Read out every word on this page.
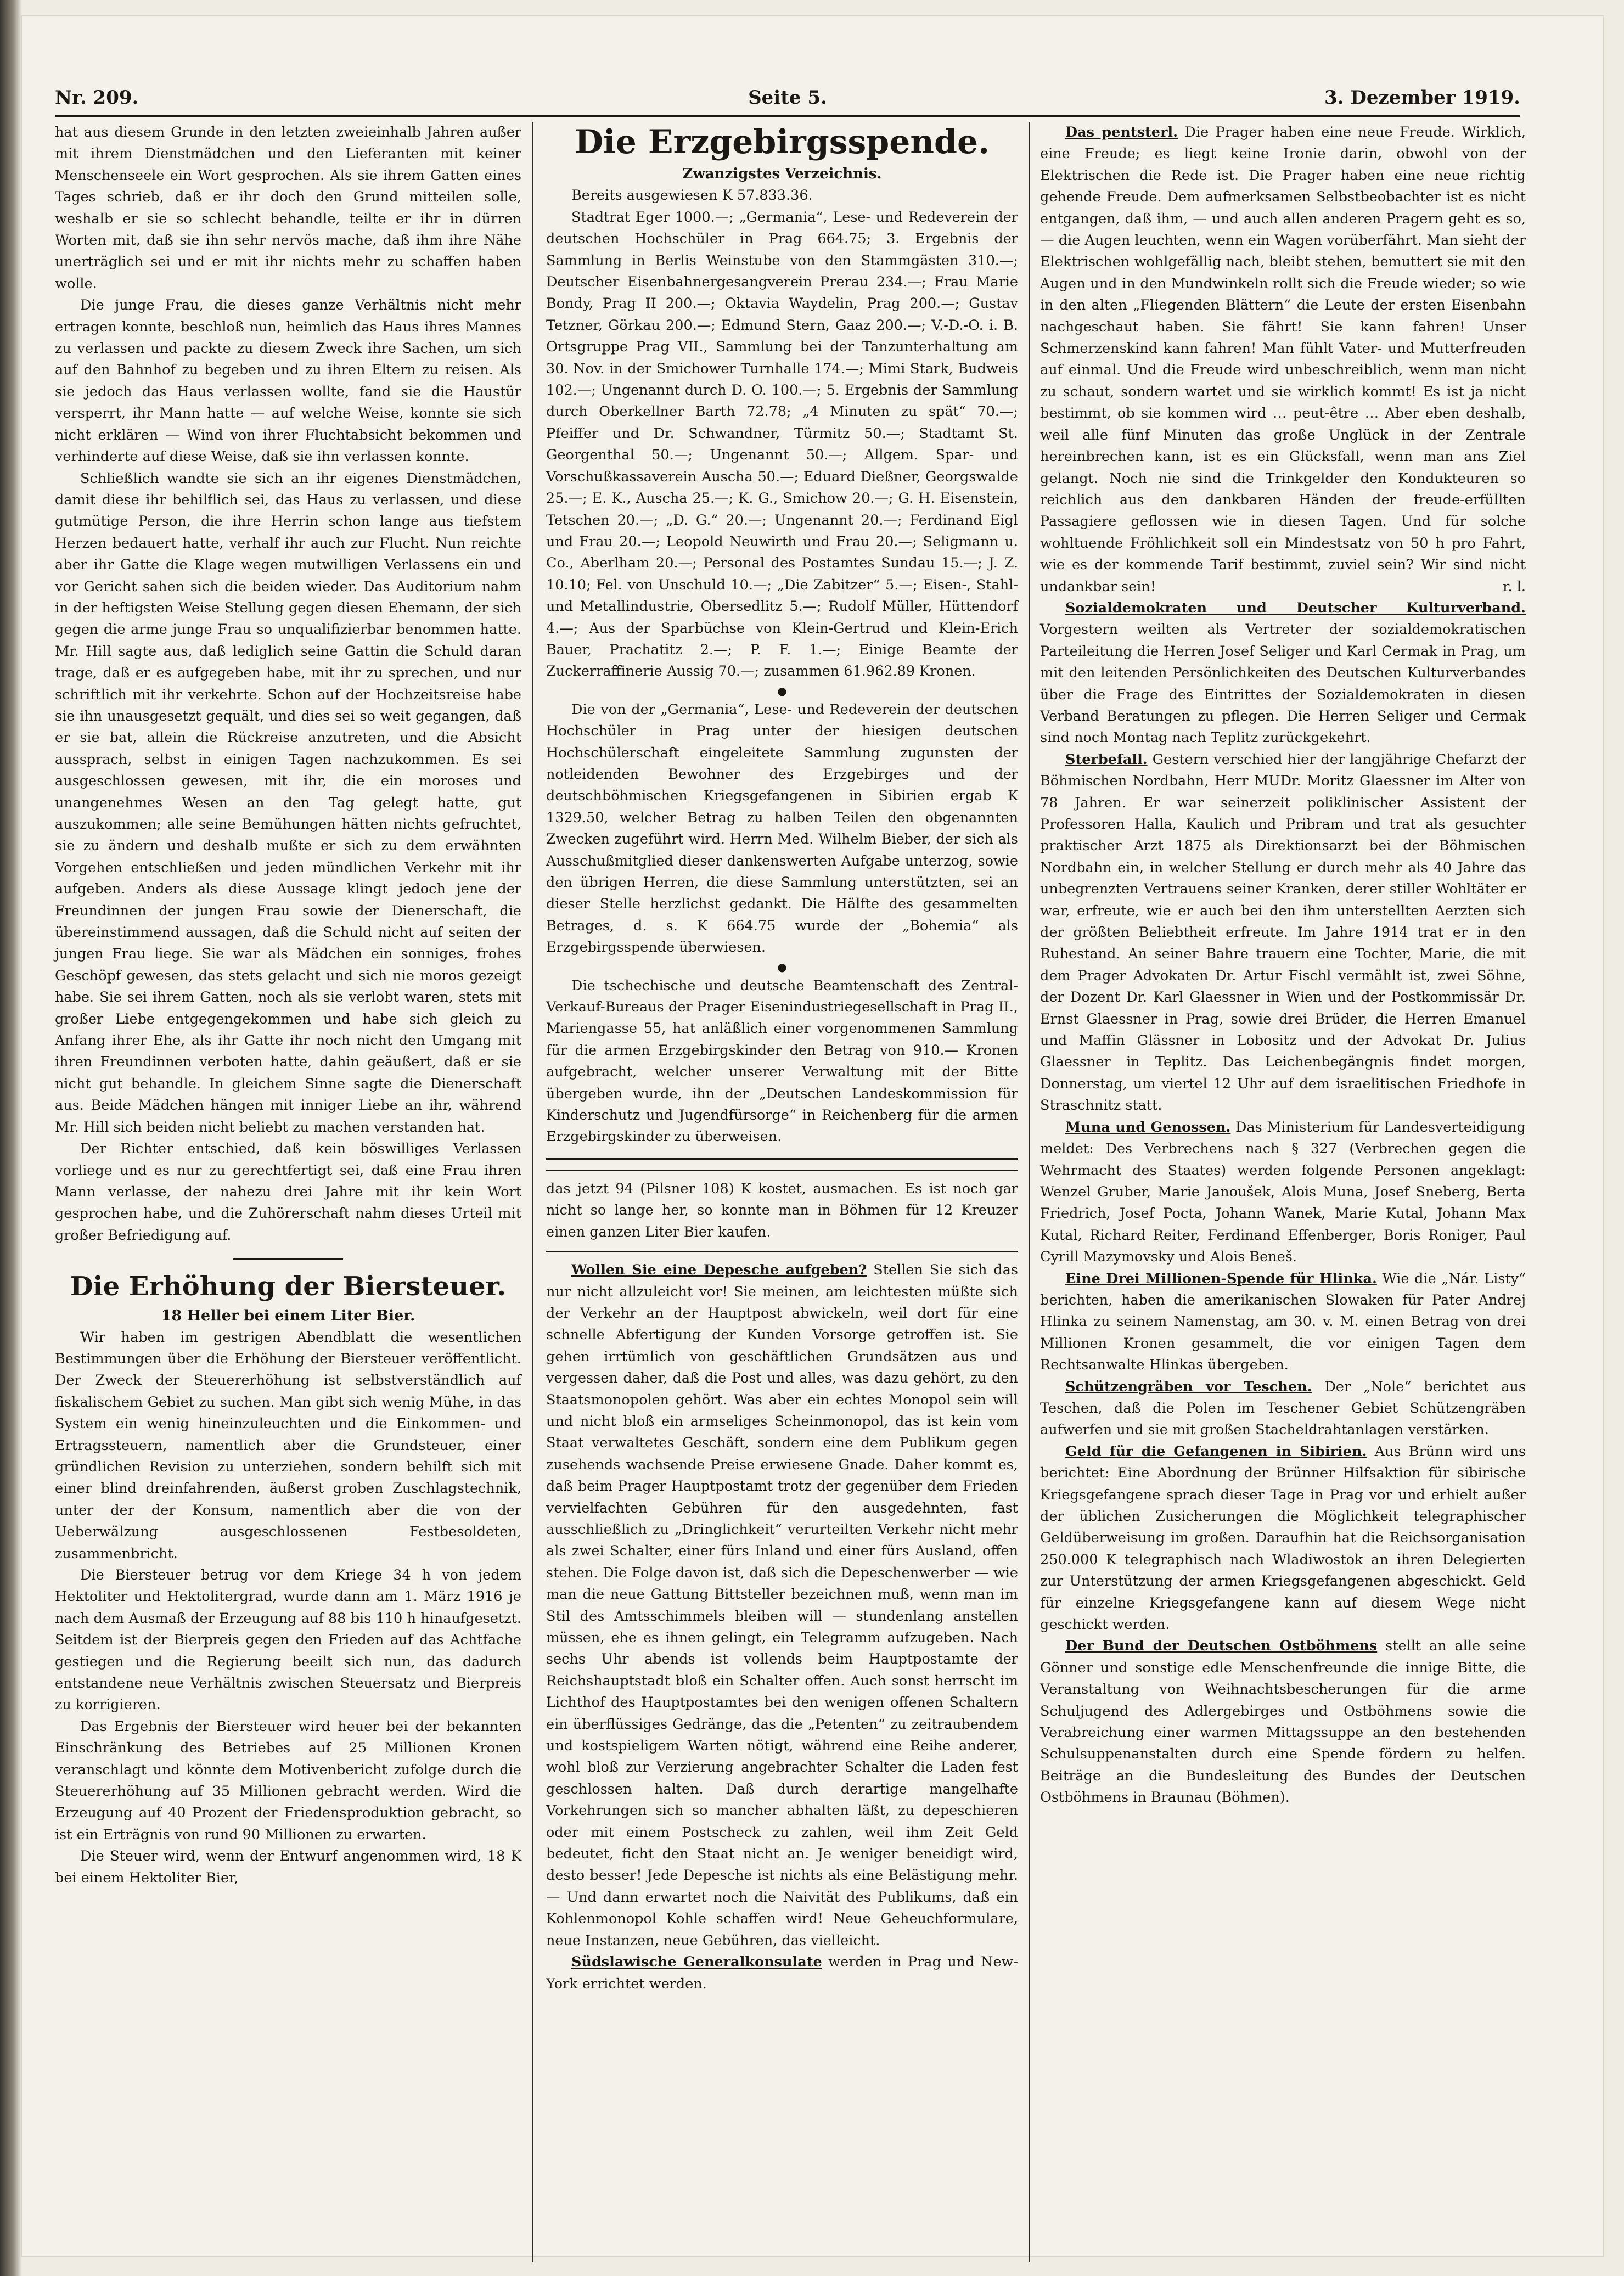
Nr. 209.	Seite 5.	3. Dezember 1919.

hat aus diesem Grunde in den letzten zweieinhalb Jahren außer mit ihrem Dienstmädchen und den Lieferanten mit keiner Menschenseele ein Wort gesprochen. Als sie ihrem Gatten eines Tages schrieb, daß er ihr doch den Grund mitteilen solle, weshalb er sie so schlecht behandle, teilte er ihr in dürren Worten mit, daß sie ihn sehr nervös mache, daß ihm ihre Nähe unerträglich sei und er mit ihr nichts mehr zu schaffen haben wolle.

Die junge Frau, die dieses ganze Verhältnis nicht mehr ertragen konnte, beschloß nun, heimlich das Haus ihres Mannes zu verlassen und packte zu diesem Zweck ihre Sachen, um sich auf den Bahnhof zu begeben und zu ihren Eltern zu reisen. Als sie jedoch das Haus verlassen wollte, fand sie die Haustür versperrt, ihr Mann hatte — auf welche Weise, konnte sie sich nicht erklären — Wind von ihrer Fluchtabsicht bekommen und verhinderte auf diese Weise, daß sie ihn verlassen konnte.

Schließlich wandte sie sich an ihr eigenes Dienstmädchen, damit diese ihr behilflich sei, das Haus zu verlassen, und diese gutmütige Person, die ihre Herrin schon lange aus tiefstem Herzen bedauert hatte, verhalf ihr auch zur Flucht. Nun reichte aber ihr Gatte die Klage wegen mutwilligen Verlassens ein und vor Gericht sahen sich die beiden wieder. Das Auditorium nahm in der heftigsten Weise Stellung gegen diesen Ehemann, der sich gegen die arme junge Frau so unqualifizierbar benommen hatte. Mr. Hill sagte aus, daß lediglich seine Gattin die Schuld daran trage, daß er es aufgegeben habe, mit ihr zu sprechen, und nur schriftlich mit ihr verkehrte. Schon auf der Hochzeitsreise habe sie ihn unausgesetzt gequält, und dies sei so weit gegangen, daß er sie bat, allein die Rückreise anzutreten, und die Absicht aussprach, selbst in einigen Tagen nachzukommen. Es sei ausgeschlossen gewesen, mit ihr, die ein moroses und unangenehmes Wesen an den Tag gelegt hatte, gut auszukommen; alle seine Bemühungen hätten nichts gefruchtet, sie zu ändern und deshalb mußte er sich zu dem erwähnten Vorgehen entschließen und jeden mündlichen Verkehr mit ihr aufgeben. Anders als diese Aussage klingt jedoch jene der Freundinnen der jungen Frau sowie der Dienerschaft, die übereinstimmend aussagen, daß die Schuld nicht auf seiten der jungen Frau liege. Sie war als Mädchen ein sonniges, frohes Geschöpf gewesen, das stets gelacht und sich nie moros gezeigt habe. Sie sei ihrem Gatten, noch als sie verlobt waren, stets mit großer Liebe entgegengekommen und habe sich gleich zu Anfang ihrer Ehe, als ihr Gatte ihr noch nicht den Umgang mit ihren Freundinnen verboten hatte, dahin geäußert, daß er sie nicht gut behandle. In gleichem Sinne sagte die Dienerschaft aus. Beide Mädchen hängen mit inniger Liebe an ihr, während Mr. Hill sich beiden nicht beliebt zu machen verstanden hat.

Der Richter entschied, daß kein böswilliges Verlassen vorliege und es nur zu gerechtfertigt sei, daß eine Frau ihren Mann verlasse, der nahezu drei Jahre mit ihr kein Wort gesprochen habe, und die Zuhörerschaft nahm dieses Urteil mit großer Befriedigung auf.

Die Erhöhung der Biersteuer.

18 Heller bei einem Liter Bier.

Wir haben im gestrigen Abendblatt die wesentlichen Bestimmungen über die Erhöhung der Biersteuer veröffentlicht. Der Zweck der Steuererhöhung ist selbstverständlich auf fiskalischem Gebiet zu suchen. Man gibt sich wenig Mühe, in das System ein wenig hineinzuleuchten und die Einkommen- und Ertragssteuern, namentlich aber die Grundsteuer, einer gründlichen Revision zu unterziehen, sondern behilft sich mit einer blind dreinfahrenden, äußerst groben Zuschlagstechnik, unter der der Konsum, namentlich aber die von der Ueberwälzung ausgeschlossenen Festbesoldeten, zusammenbricht.

Die Biersteuer betrug vor dem Kriege 34 h von jedem Hektoliter und Hektolitergrad, wurde dann am 1. März 1916 je nach dem Ausmaß der Erzeugung auf 88 bis 110 h hinaufgesetzt. Seitdem ist der Bierpreis gegen den Frieden auf das Achtfache gestiegen und die Regierung beeilt sich nun, das dadurch entstandene neue Verhältnis zwischen Steuersatz und Bierpreis zu korrigieren.

Das Ergebnis der Biersteuer wird heuer bei der bekannten Einschränkung des Betriebes auf 25 Millionen Kronen veranschlagt und könnte dem Motivenbericht zufolge durch die Steuererhöhung auf 35 Millionen gebracht werden. Wird die Erzeugung auf 40 Prozent der Friedensproduktion gebracht, so ist ein Erträgnis von rund 90 Millionen zu erwarten.

Die Steuer wird, wenn der Entwurf angenommen wird, 18 K bei einem Hektoliter Bier,

Die Erzgebirgsspende.

Zwanzigstes Verzeichnis.

Bereits ausgewiesen K 57.833.36.

Stadtrat Eger 1000.—; „Germania“, Lese- und Redeverein der deutschen Hochschüler in Prag 664.75; 3. Ergebnis der Sammlung in Berlis Weinstube von den Stammgästen 310.—; Deutscher Eisenbahnergesangverein Prerau 234.—; Frau Marie Bondy, Prag II 200.—; Oktavia Waydelin, Prag 200.—; Gustav Tetzner, Görkau 200.—; Edmund Stern, Gaaz 200.—; V.-D.-O. i. B. Ortsgruppe Prag VII., Sammlung bei der Tanzunterhaltung am 30. Nov. in der Smichower Turnhalle 174.—; Mimi Stark, Budweis 102.—; Ungenannt durch D. O. 100.—; 5. Ergebnis der Sammlung durch Oberkellner Barth 72.78; „4 Minuten zu spät“ 70.—; Pfeiffer und Dr. Schwandner, Türmitz 50.—; Stadtamt St. Georgenthal 50.—; Ungenannt 50.—; Allgem. Spar- und Vorschußkassaverein Auscha 50.—; Eduard Dießner, Georgswalde 25.—; E. K., Auscha 25.—; K. G., Smichow 20.—; G. H. Eisenstein, Tetschen 20.—; „D. G.“ 20.—; Ungenannt 20.—; Ferdinand Eigl und Frau 20.—; Leopold Neuwirth und Frau 20.—; Seligmann u. Co., Aberlham 20.—; Personal des Postamtes Sundau 15.—; J. Z. 10.10; Fel. von Unschuld 10.—; „Die Zabitzer“ 5.—; Eisen-, Stahl- und Metallindustrie, Obersedlitz 5.—; Rudolf Müller, Hüttendorf 4.—; Aus der Sparbüchse von Klein-Gertrud und Klein-Erich Bauer, Prachatitz 2.—; P. F. 1.—; Einige Beamte der Zuckerraffinerie Aussig 70.—; zusammen 61.962.89 Kronen.

●

Die von der „Germania“, Lese- und Redeverein der deutschen Hochschüler in Prag unter der hiesigen deutschen Hochschülerschaft eingeleitete Sammlung zugunsten der notleidenden Bewohner des Erzgebirges und der deutschböhmischen Kriegsgefangenen in Sibirien ergab K 1329.50, welcher Betrag zu halben Teilen den obgenannten Zwecken zugeführt wird. Herrn Med. Wilhelm Bieber, der sich als Ausschußmitglied dieser dankenswerten Aufgabe unterzog, sowie den übrigen Herren, die diese Sammlung unterstützten, sei an dieser Stelle herzlichst gedankt. Die Hälfte des gesammelten Betrages, d. s. K 664.75 wurde der „Bohemia“ als Erzgebirgsspende überwiesen.

●

Die tschechische und deutsche Beamtenschaft des Zentral-Verkauf-Bureaus der Prager Eisenindustriegesellschaft in Prag II., Mariengasse 55, hat anläßlich einer vorgenommenen Sammlung für die armen Erzgebirgskinder den Betrag von 910.— Kronen aufgebracht, welcher unserer Verwaltung mit der Bitte übergeben wurde, ihn der „Deutschen Landeskommission für Kinderschutz und Jugendfürsorge“ in Reichenberg für die armen Erzgebirgskinder zu überweisen.

das jetzt 94 (Pilsner 108) K kostet, ausmachen. Es ist noch gar nicht so lange her, so konnte man in Böhmen für 12 Kreuzer einen ganzen Liter Bier kaufen.

Wollen Sie eine Depesche aufgeben? Stellen Sie sich das nur nicht allzuleicht vor! Sie meinen, am leichtesten müßte sich der Verkehr an der Hauptpost abwickeln, weil dort für eine schnelle Abfertigung der Kunden Vorsorge getroffen ist. Sie gehen irrtümlich von geschäftlichen Grundsätzen aus und vergessen daher, daß die Post und alles, was dazu gehört, zu den Staatsmonopolen gehört. Was aber ein echtes Monopol sein will und nicht bloß ein armseliges Scheinmonopol, das ist kein vom Staat verwaltetes Geschäft, sondern eine dem Publikum gegen zusehends wachsende Preise erwiesene Gnade. Daher kommt es, daß beim Prager Hauptpostamt trotz der gegenüber dem Frieden vervielfachten Gebühren für den ausgedehnten, fast ausschließlich zu „Dringlichkeit“ verurteilten Verkehr nicht mehr als zwei Schalter, einer fürs Inland und einer fürs Ausland, offen stehen. Die Folge davon ist, daß sich die Depeschenwerber — wie man die neue Gattung Bittsteller bezeichnen muß, wenn man im Stil des Amtsschimmels bleiben will — stundenlang anstellen müssen, ehe es ihnen gelingt, ein Telegramm aufzugeben. Nach sechs Uhr abends ist vollends beim Hauptpostamte der Reichshauptstadt bloß ein Schalter offen. Auch sonst herrscht im Lichthof des Hauptpostamtes bei den wenigen offenen Schaltern ein überflüssiges Gedränge, das die „Petenten“ zu zeitraubendem und kostspieligem Warten nötigt, während eine Reihe anderer, wohl bloß zur Verzierung angebrachter Schalter die Laden fest geschlossen halten. Daß durch derartige mangelhafte Vorkehrungen sich so mancher abhalten läßt, zu depeschieren oder mit einem Postscheck zu zahlen, weil ihm Zeit Geld bedeutet, ficht den Staat nicht an. Je weniger beneidigt wird, desto besser! Jede Depesche ist nichts als eine Belästigung mehr. — Und dann erwartet noch die Naivität des Publikums, daß ein Kohlenmonopol Kohle schaffen wird! Neue Geheuchformulare, neue Instanzen, neue Gebühren, das vielleicht.

Südslawische Generalkonsulate werden in Prag und New-York errichtet werden.

Das pentsterl. Die Prager haben eine neue Freude. Wirklich, eine Freude; es liegt keine Ironie darin, obwohl von der Elektrischen die Rede ist. Die Prager haben eine neue richtig gehende Freude. Dem aufmerksamen Selbstbeobachter ist es nicht entgangen, daß ihm, — und auch allen anderen Pragern geht es so, — die Augen leuchten, wenn ein Wagen vorüberfährt. Man sieht der Elektrischen wohlgefällig nach, bleibt stehen, bemuttert sie mit den Augen und in den Mundwinkeln rollt sich die Freude wieder; so wie in den alten „Fliegenden Blättern“ die Leute der ersten Eisenbahn nachgeschaut haben. Sie fährt! Sie kann fahren! Unser Schmerzenskind kann fahren! Man fühlt Vater- und Mutterfreuden auf einmal. Und die Freude wird unbeschreiblich, wenn man nicht zu schaut, sondern wartet und sie wirklich kommt! Es ist ja nicht bestimmt, ob sie kommen wird … peut-être … Aber eben deshalb, weil alle fünf Minuten das große Unglück in der Zentrale hereinbrechen kann, ist es ein Glücksfall, wenn man ans Ziel gelangt. Noch nie sind die Trinkgelder den Kondukteuren so reichlich aus den dankbaren Händen der freude-erfüllten Passagiere geflossen wie in diesen Tagen. Und für solche wohltuende Fröhlichkeit soll ein Mindestsatz von 50 h pro Fahrt, wie es der kommende Tarif bestimmt, zuviel sein? Wir sind nicht undankbar sein!	r. l.

Sozialdemokraten und Deutscher Kulturverband. Vorgestern weilten als Vertreter der sozialdemokratischen Parteileitung die Herren Josef Seliger und Karl Cermak in Prag, um mit den leitenden Persönlichkeiten des Deutschen Kulturverbandes über die Frage des Eintrittes der Sozialdemokraten in diesen Verband Beratungen zu pflegen. Die Herren Seliger und Cermak sind noch Montag nach Teplitz zurückgekehrt.

Sterbefall. Gestern verschied hier der langjährige Chefarzt der Böhmischen Nordbahn, Herr MUDr. Moritz Glaessner im Alter von 78 Jahren. Er war seinerzeit poliklinischer Assistent der Professoren Halla, Kaulich und Pribram und trat als gesuchter praktischer Arzt 1875 als Direktionsarzt bei der Böhmischen Nordbahn ein, in welcher Stellung er durch mehr als 40 Jahre das unbegrenzten Vertrauens seiner Kranken, derer stiller Wohltäter er war, erfreute, wie er auch bei den ihm unterstellten Aerzten sich der größten Beliebtheit erfreute. Im Jahre 1914 trat er in den Ruhestand. An seiner Bahre trauern eine Tochter, Marie, die mit dem Prager Advokaten Dr. Artur Fischl vermählt ist, zwei Söhne, der Dozent Dr. Karl Glaessner in Wien und der Postkommissär Dr. Ernst Glaessner in Prag, sowie drei Brüder, die Herren Emanuel und Maffin Glässner in Lobositz und der Advokat Dr. Julius Glaessner in Teplitz. Das Leichenbegängnis findet morgen, Donnerstag, um viertel 12 Uhr auf dem israelitischen Friedhofe in Straschnitz statt.

Muna und Genossen. Das Ministerium für Landesverteidigung meldet: Des Verbrechens nach § 327 (Verbrechen gegen die Wehrmacht des Staates) werden folgende Personen angeklagt: Wenzel Gruber, Marie Janoušek, Alois Muna, Josef Sneberg, Berta Friedrich, Josef Pocta, Johann Wanek, Marie Kutal, Johann Max Kutal, Richard Reiter, Ferdinand Effenberger, Boris Roniger, Paul Cyrill Mazymovsky und Alois Beneš.

Eine Drei Millionen-Spende für Hlinka. Wie die „Nár. Listy“ berichten, haben die amerikanischen Slowaken für Pater Andrej Hlinka zu seinem Namenstag, am 30. v. M. einen Betrag von drei Millionen Kronen gesammelt, die vor einigen Tagen dem Rechtsanwalte Hlinkas übergeben.

Schützengräben vor Teschen. Der „Nole“ berichtet aus Teschen, daß die Polen im Teschener Gebiet Schützengräben aufwerfen und sie mit großen Stacheldrahtanlagen verstärken.

Geld für die Gefangenen in Sibirien. Aus Brünn wird uns berichtet: Eine Abordnung der Brünner Hilfsaktion für sibirische Kriegsgefangene sprach dieser Tage in Prag vor und erhielt außer der üblichen Zusicherungen die Möglichkeit telegraphischer Geldüberweisung im großen. Daraufhin hat die Reichsorganisation 250.000 K telegraphisch nach Wladiwostok an ihren Delegierten zur Unterstützung der armen Kriegsgefangenen abgeschickt. Geld für einzelne Kriegsgefangene kann auf diesem Wege nicht geschickt werden.

Der Bund der Deutschen Ostböhmens stellt an alle seine Gönner und sonstige edle Menschenfreunde die innige Bitte, die Veranstaltung von Weihnachtsbescherungen für die arme Schuljugend des Adlergebirges und Ostböhmens sowie die Verabreichung einer warmen Mittagssuppe an den bestehenden Schulsuppenanstalten durch eine Spende fördern zu helfen. Beiträge an die Bundesleitung des Bundes der Deutschen Ostböhmens in Braunau (Böhmen).
